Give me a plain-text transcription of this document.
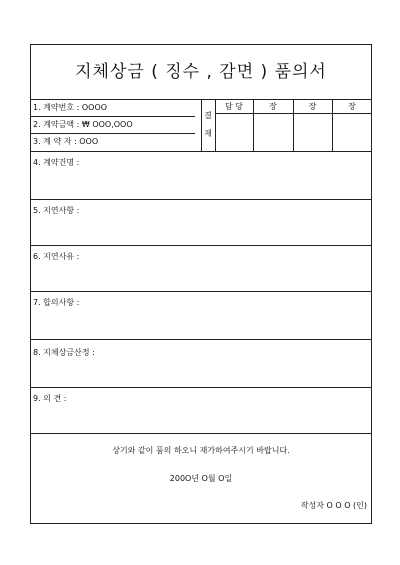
지체상금 ( 징수 , 감면 ) 품의서
1. 계약번호 : OOOO
2. 계약금액 : ₩ OOO,OOO
3. 계 약 자 : OOO
결
재
담 당	장	장	장
4. 계약건명 :
5. 지연사항 :
6. 지연사유 :
7. 합의사항 :
8. 지체상금산정 :
9. 의 견 :
상기와 같이 품의 하오니 재가하여주시기 바랍니다.
200O년 O월 O일
작성자 O O O (인)
